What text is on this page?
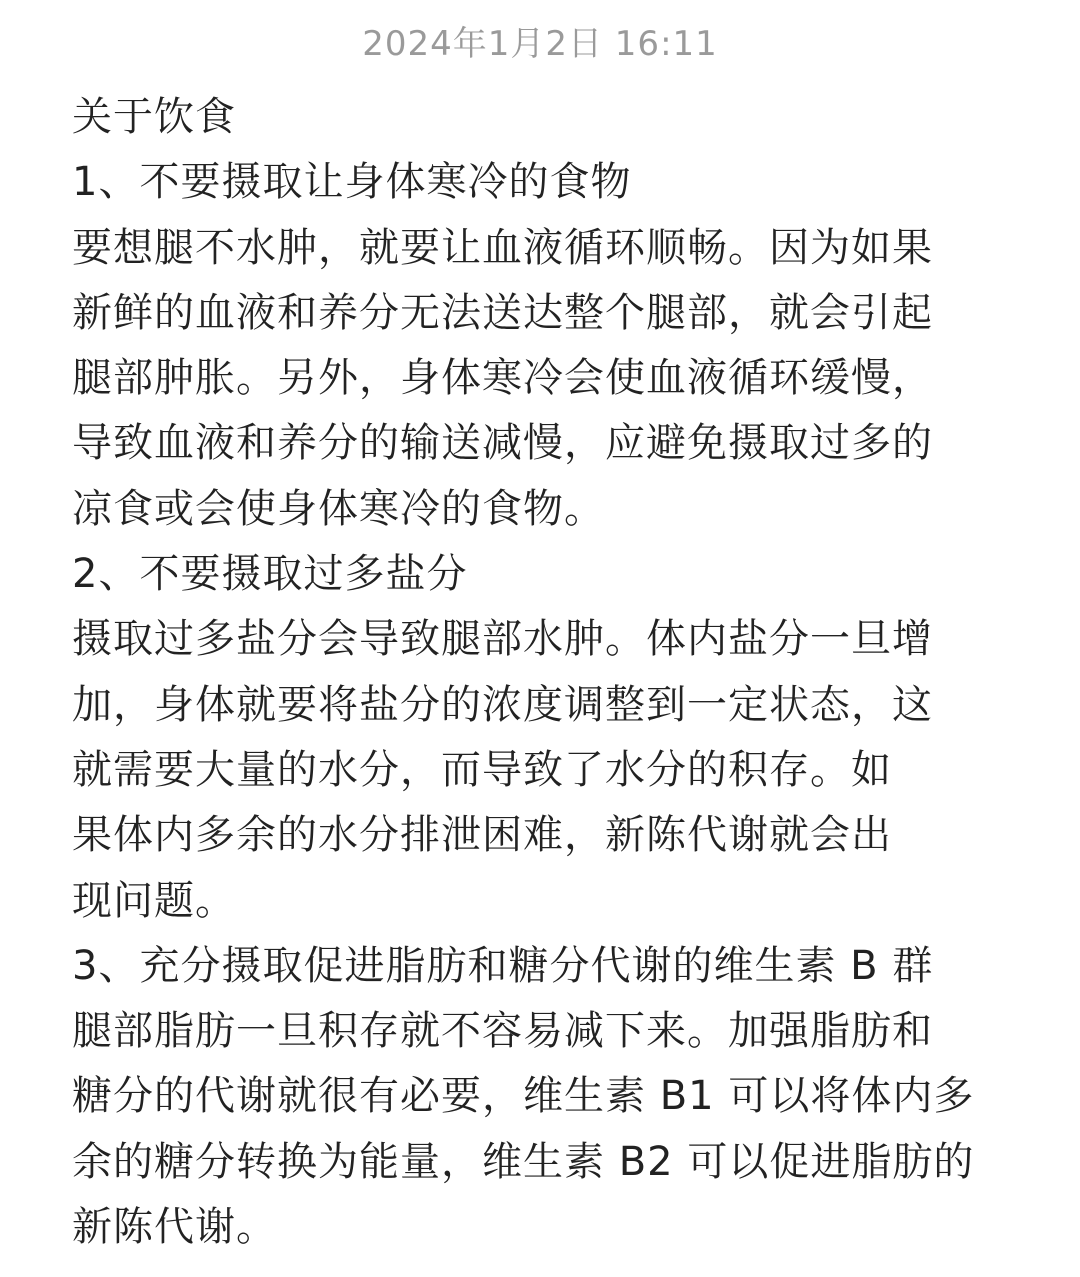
2024年1月2日 16:11
关于饮食
1、不要摄取让身体寒冷的食物
要想腿不水肿，就要让血液循环顺畅。因为如果
新鲜的血液和养分无法送达整个腿部，就会引起
腿部肿胀。另外，身体寒冷会使血液循环缓慢，
导致血液和养分的输送减慢，应避免摄取过多的
凉食或会使身体寒冷的食物。
2、不要摄取过多盐分
摄取过多盐分会导致腿部水肿。体内盐分一旦增
加，身体就要将盐分的浓度调整到一定状态，这
就需要大量的水分，而导致了水分的积存。如
果体内多余的水分排泄困难，新陈代谢就会出
现问题。
3、充分摄取促进脂肪和糖分代谢的维生素 B 群
腿部脂肪一旦积存就不容易减下来。加强脂肪和
糖分的代谢就很有必要，维生素 B1 可以将体内多
余的糖分转换为能量，维生素 B2 可以促进脂肪的
新陈代谢。
